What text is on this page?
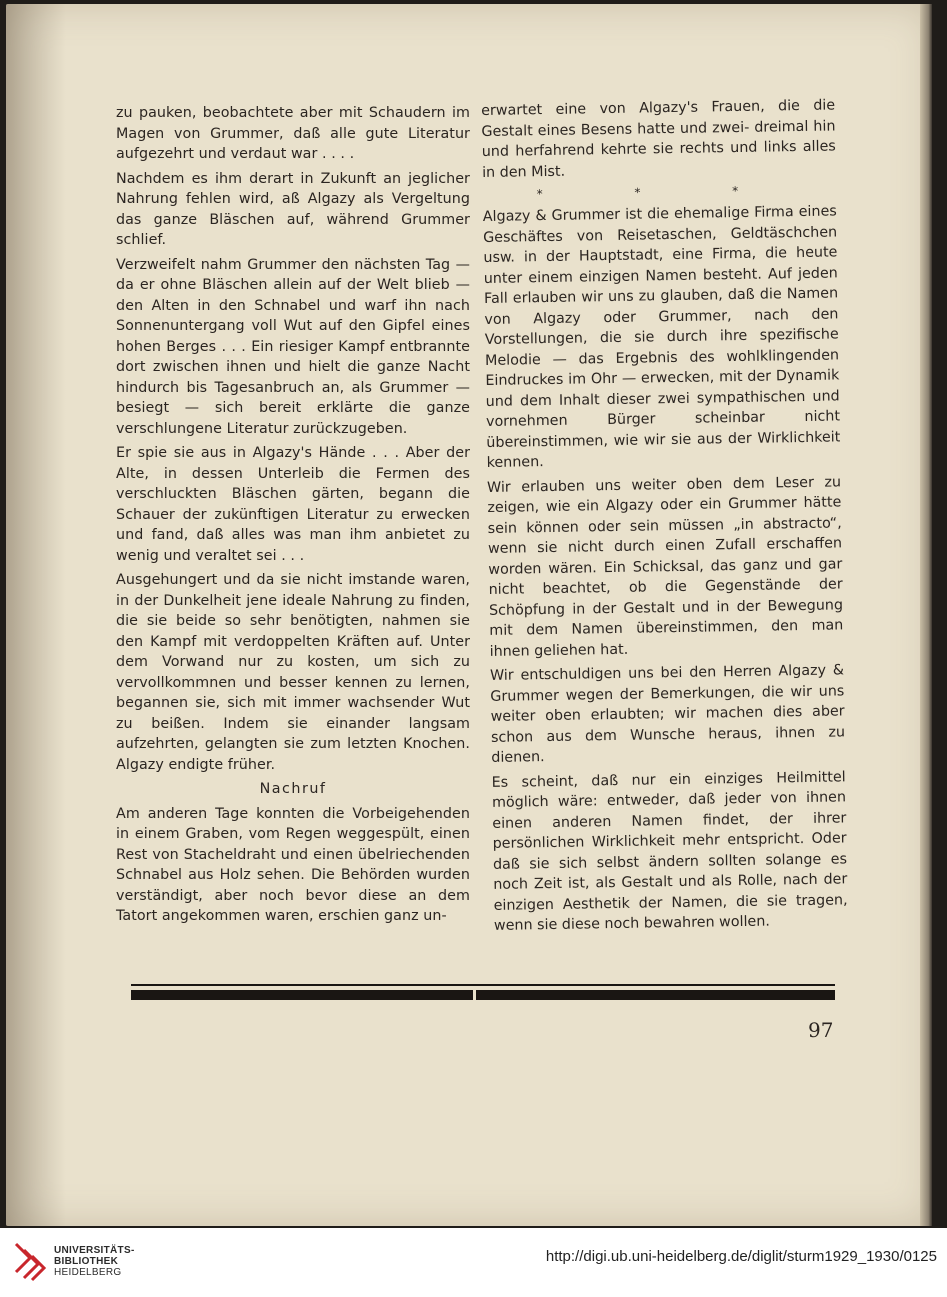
zu pauken, beobachtete aber mit Schaudern im Magen von Grummer, daß alle gute Literatur aufgezehrt und verdaut war . . . .

Nachdem es ihm derart in Zukunft an jeglicher Nahrung fehlen wird, aß Algazy als Vergeltung das ganze Bläschen auf, während Grummer schlief.

Verzweifelt nahm Grummer den nächsten Tag — da er ohne Bläschen allein auf der Welt blieb — den Alten in den Schnabel und warf ihn nach Sonnenuntergang voll Wut auf den Gipfel eines hohen Berges . . . Ein riesiger Kampf entbrannte dort zwischen ihnen und hielt die ganze Nacht hindurch bis Tagesanbruch an, als Grummer — besiegt — sich bereit erklärte die ganze verschlungene Literatur zurückzugeben.

Er spie sie aus in Algazy's Hände . . . Aber der Alte, in dessen Unterleib die Fermen des verschluckten Bläschen gärten, begann die Schauer der zukünftigen Literatur zu erwecken und fand, daß alles was man ihm anbietet zu wenig und veraltet sei . . .

Ausgehungert und da sie nicht imstande waren, in der Dunkelheit jene ideale Nahrung zu finden, die sie beide so sehr benötigten, nahmen sie den Kampf mit verdoppelten Kräften auf. Unter dem Vorwand nur zu kosten, um sich zu vervollkommnen und besser kennen zu lernen, begannen sie, sich mit immer wachsender Wut zu beißen. Indem sie einander langsam aufzehrten, gelangten sie zum letzten Knochen. Algazy endigte früher.

Nachruf

Am anderen Tage konnten die Vorbeigehenden in einem Graben, vom Regen weggespült, einen Rest von Stacheldraht und einen übelriechenden Schnabel aus Holz sehen. Die Behörden wurden verständigt, aber noch bevor diese an dem Tatort angekommen waren, erschien ganz un-

erwartet eine von Algazy's Frauen, die die Gestalt eines Besens hatte und zwei- dreimal hin und herfahrend kehrte sie rechts und links alles in den Mist.

* * *

Algazy & Grummer ist die ehemalige Firma eines Geschäftes von Reisetaschen, Geldtäschchen usw. in der Hauptstadt, eine Firma, die heute unter einem einzigen Namen besteht. Auf jeden Fall erlauben wir uns zu glauben, daß die Namen von Algazy oder Grummer, nach den Vorstellungen, die sie durch ihre spezifische Melodie — das Ergebnis des wohlklingenden Eindruckes im Ohr — erwecken, mit der Dynamik und dem Inhalt dieser zwei sympathischen und vornehmen Bürger scheinbar nicht übereinstimmen, wie wir sie aus der Wirklichkeit kennen.

Wir erlauben uns weiter oben dem Leser zu zeigen, wie ein Algazy oder ein Grummer hätte sein können oder sein müssen „in abstracto“, wenn sie nicht durch einen Zufall erschaffen worden wären. Ein Schicksal, das ganz und gar nicht beachtet, ob die Gegenstände der Schöpfung in der Gestalt und in der Bewegung mit dem Namen übereinstimmen, den man ihnen geliehen hat.

Wir entschuldigen uns bei den Herren Algazy & Grummer wegen der Bemerkungen, die wir uns weiter oben erlaubten; wir machen dies aber schon aus dem Wunsche heraus, ihnen zu dienen.

Es scheint, daß nur ein einziges Heilmittel möglich wäre: entweder, daß jeder von ihnen einen anderen Namen findet, der ihrer persönlichen Wirklichkeit mehr entspricht. Oder daß sie sich selbst ändern sollten solange es noch Zeit ist, als Gestalt und als Rolle, nach der einzigen Aesthetik der Namen, die sie tragen, wenn sie diese noch bewahren wollen.

97
UNIVERSITÄTS-
BIBLIOTHEK
HEIDELBERG
http://digi.ub.uni-heidelberg.de/diglit/sturm1929_1930/0125
